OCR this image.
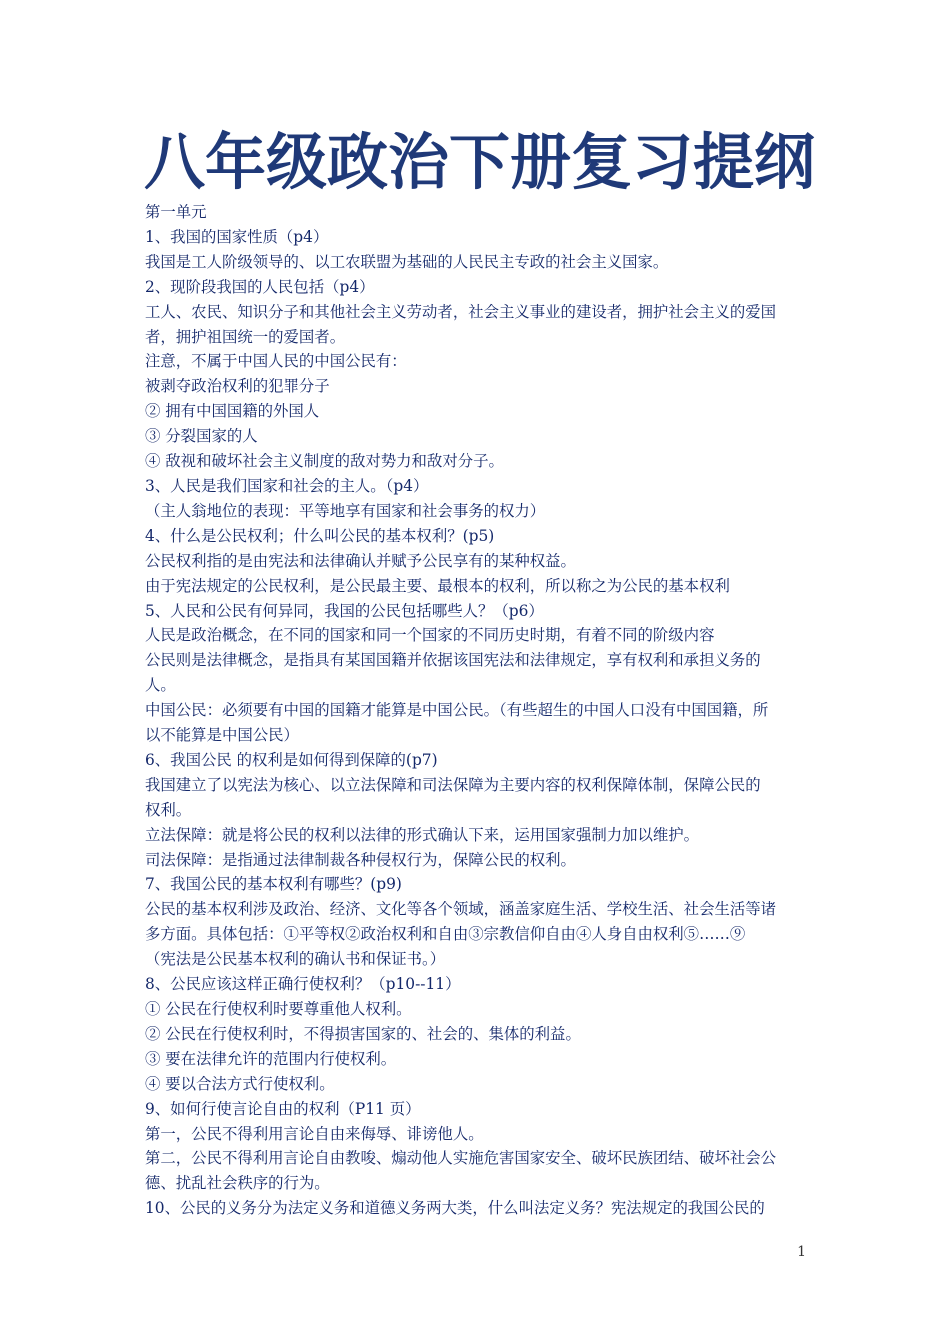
八年级政治下册复习提纲
第一单元
1、我国的国家性质（p4）
我国是工人阶级领导的、以工农联盟为基础的人民民主专政的社会主义国家。
2、现阶段我国的人民包括（p4）
工人、农民、知识分子和其他社会主义劳动者，社会主义事业的建设者，拥护社会主义的爱国
者，拥护祖国统一的爱国者。
注意，不属于中国人民的中国公民有：
被剥夺政治权利的犯罪分子
② 拥有中国国籍的外国人
③ 分裂国家的人
④ 敌视和破坏社会主义制度的敌对势力和敌对分子。
3、人民是我们国家和社会的主人。（p4）
（主人翁地位的表现：平等地享有国家和社会事务的权力）
4、什么是公民权利；什么叫公民的基本权利？(p5)
公民权利指的是由宪法和法律确认并赋予公民享有的某种权益。
由于宪法规定的公民权利，是公民最主要、最根本的权利，所以称之为公民的基本权利
5、人民和公民有何异同，我国的公民包括哪些人？（p6）
人民是政治概念，在不同的国家和同一个国家的不同历史时期，有着不同的阶级内容
公民则是法律概念，是指具有某国国籍并依据该国宪法和法律规定，享有权利和承担义务的
人。
中国公民：必须要有中国的国籍才能算是中国公民。（有些超生的中国人口没有中国国籍，所
以不能算是中国公民）
6、我国公民 的权利是如何得到保障的(p7)
我国建立了以宪法为核心、以立法保障和司法保障为主要内容的权利保障体制，保障公民的
权利。
立法保障：就是将公民的权利以法律的形式确认下来，运用国家强制力加以维护。
司法保障：是指通过法律制裁各种侵权行为，保障公民的权利。
7、我国公民的基本权利有哪些？(p9)
公民的基本权利涉及政治、经济、文化等各个领域，涵盖家庭生活、学校生活、社会生活等诸
多方面。具体包括：①平等权②政治权利和自由③宗教信仰自由④人身自由权利⑤……⑨
（宪法是公民基本权利的确认书和保证书。）
8、公民应该这样正确行使权利？（p10--11）
① 公民在行使权利时要尊重他人权利。
② 公民在行使权利时，不得损害国家的、社会的、集体的利益。
③ 要在法律允许的范围内行使权利。
④ 要以合法方式行使权利。
9、如何行使言论自由的权利（P11 页）
第一，公民不得利用言论自由来侮辱、诽谤他人。
第二，公民不得利用言论自由教唆、煽动他人实施危害国家安全、破坏民族团结、破坏社会公
德、扰乱社会秩序的行为。
10、公民的义务分为法定义务和道德义务两大类，什么叫法定义务？宪法规定的我国公民的
1
